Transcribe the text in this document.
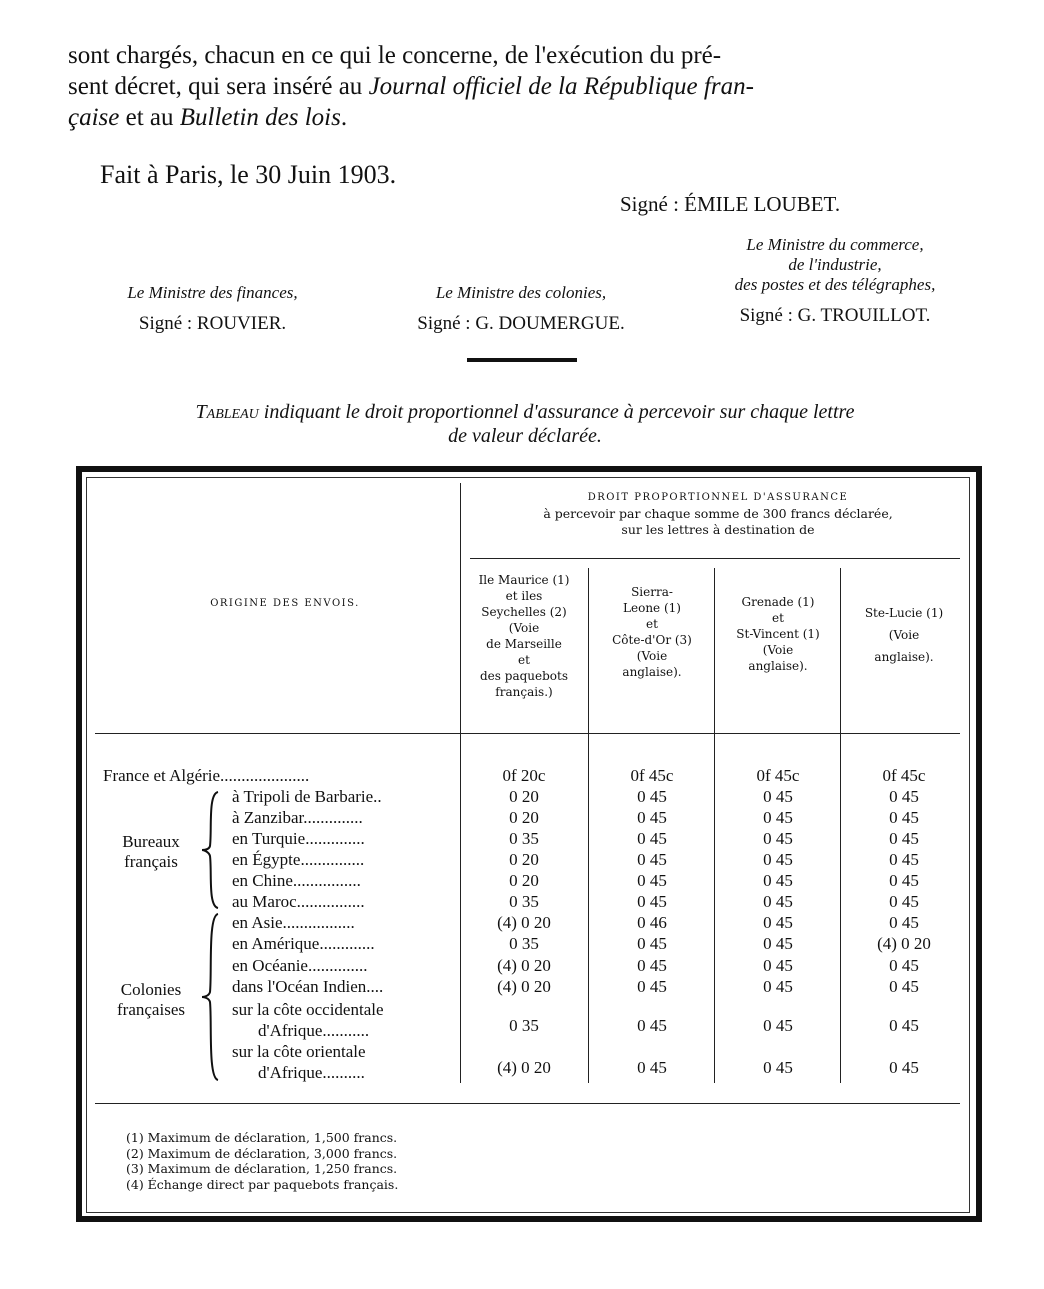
sont chargés, chacun en ce qui le concerne, de l'exécution du pré-
sent décret, qui sera inséré au Journal officiel de la République fran-
çaise et au Bulletin des lois.
Fait à Paris, le 30 Juin 1903.
Signé : ÉMILE LOUBET.
Le Ministre des finances,
Signé : ROUVIER.
Le Ministre des colonies,
Signé : G. DOUMERGUE.
Le Ministre du commerce,
de l'industrie,
des postes et des télégraphes,
Signé : G. TROUILLOT.
Tableau indiquant le droit proportionnel d'assurance à percevoir sur chaque lettre
de valeur déclarée.
DROIT PROPORTIONNEL D'ASSURANCE
à percevoir par chaque somme de 300 francs déclarée,
sur les lettres à destination de
ORIGINE DES ENVOIS.
Ile Maurice (1)
et iles
Seychelles (2)
(Voie
de Marseille
et
des paquebots
français.)
Sierra-
Leone (1)
et
Côte-d'Or (3)
(Voie
anglaise).
Grenade (1)
et
St-Vincent (1)
(Voie
anglaise).
Ste-Lucie (1)
(Voie
anglaise).
Bureaux français
Colonies françaises
France et Algérie.....................	0f 20c	0f 45c	0f 45c	0f 45c
à Tripoli de Barbarie..	0 20	0 45	0 45	0 45
à Zanzibar..............	0 20	0 45	0 45	0 45
en Turquie..............	0 35	0 45	0 45	0 45
en Égypte...............	0 20	0 45	0 45	0 45
en Chine................	0 20	0 45	0 45	0 45
au Maroc................	0 35	0 45	0 45	0 45
en Asie.................	(4) 0 20	0 46	0 45	0 45
en Amérique.............	0 35	0 45	0 45	(4) 0 20
en Océanie..............	(4) 0 20	0 45	0 45	0 45
dans l'Océan Indien....	(4) 0 20	0 45	0 45	0 45
sur la côte occidentale
d'Afrique...........	0 35	0 45	0 45	0 45
sur la côte orientale
d'Afrique..........	(4) 0 20	0 45	0 45	0 45
(1) Maximum de déclaration, 1,500 francs.
(2) Maximum de déclaration, 3,000 francs.
(3) Maximum de déclaration, 1,250 francs.
(4) Échange direct par paquebots français.
